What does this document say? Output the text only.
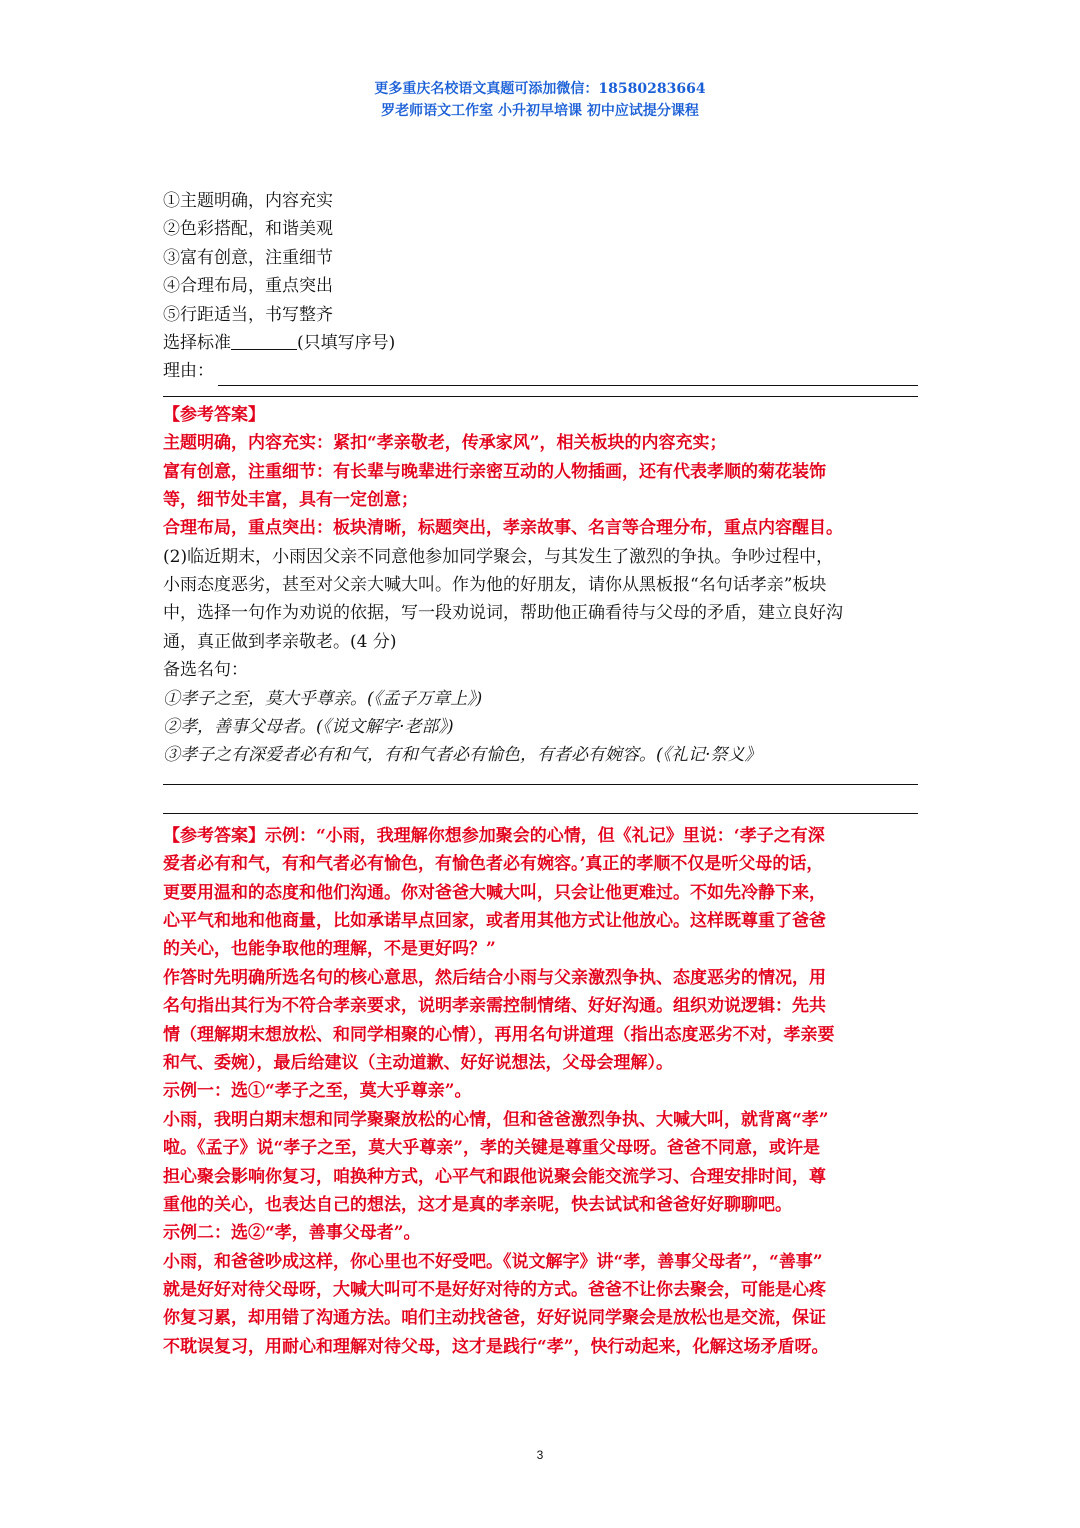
更多重庆名校语文真题可添加微信：18580283664
罗老师语文工作室 小升初早培课 初中应试提分课程
①主题明确，内容充实
②色彩搭配，和谐美观
③富有创意，注重细节
④合理布局，重点突出
⑤行距适当，书写整齐
选择标准	(只填写序号)
理由：
【参考答案】
主题明确，内容充实：紧扣“孝亲敬老，传承家风”，相关板块的内容充实；
富有创意，注重细节：有长辈与晚辈进行亲密互动的人物插画，还有代表孝顺的菊花装饰
等，细节处丰富，具有一定创意；
合理布局，重点突出：板块清晰，标题突出，孝亲故事、名言等合理分布，重点内容醒目。
(2)临近期末，小雨因父亲不同意他参加同学聚会，与其发生了激烈的争执。争吵过程中，
小雨态度恶劣，甚至对父亲大喊大叫。作为他的好朋友，请你从黑板报“名句话孝亲”板块
中，选择一句作为劝说的依据，写一段劝说词，帮助他正确看待与父母的矛盾，建立良好沟
通，真正做到孝亲敬老。(4 分)
备选名句：
①孝子之至，莫大乎尊亲。(《孟子万章上》)
②孝，善事父母者。(《说文解字·老部》)
③孝子之有深爱者必有和气，有和气者必有愉色，有者必有婉容。(《礼记·祭义》
【参考答案】示例：“小雨，我理解你想参加聚会的心情，但《礼记》里说：‘孝子之有深
爱者必有和气，有和气者必有愉色，有愉色者必有婉容。’真正的孝顺不仅是听父母的话，
更要用温和的态度和他们沟通。你对爸爸大喊大叫，只会让他更难过。不如先冷静下来，
心平气和地和他商量，比如承诺早点回家，或者用其他方式让他放心。这样既尊重了爸爸
的关心，也能争取他的理解，不是更好吗？”
作答时先明确所选名句的核心意思，然后结合小雨与父亲激烈争执、态度恶劣的情况，用
名句指出其行为不符合孝亲要求，说明孝亲需控制情绪、好好沟通。组织劝说逻辑：先共
情（理解期末想放松、和同学相聚的心情），再用名句讲道理（指出态度恶劣不对，孝亲要
和气、委婉），最后给建议（主动道歉、好好说想法，父母会理解）。
示例一：选①“孝子之至，莫大乎尊亲”。
小雨，我明白期末想和同学聚聚放松的心情，但和爸爸激烈争执、大喊大叫，就背离“孝”
啦。《孟子》说“孝子之至，莫大乎尊亲”，孝的关键是尊重父母呀。爸爸不同意，或许是
担心聚会影响你复习，咱换种方式，心平气和跟他说聚会能交流学习、合理安排时间，尊
重他的关心，也表达自己的想法，这才是真的孝亲呢，快去试试和爸爸好好聊聊吧。
示例二：选②“孝，善事父母者”。
小雨，和爸爸吵成这样，你心里也不好受吧。《说文解字》讲“孝，善事父母者”，“善事”
就是好好对待父母呀，大喊大叫可不是好好对待的方式。爸爸不让你去聚会，可能是心疼
你复习累，却用错了沟通方法。咱们主动找爸爸，好好说同学聚会是放松也是交流，保证
不耽误复习，用耐心和理解对待父母，这才是践行“孝”，快行动起来，化解这场矛盾呀。
3
